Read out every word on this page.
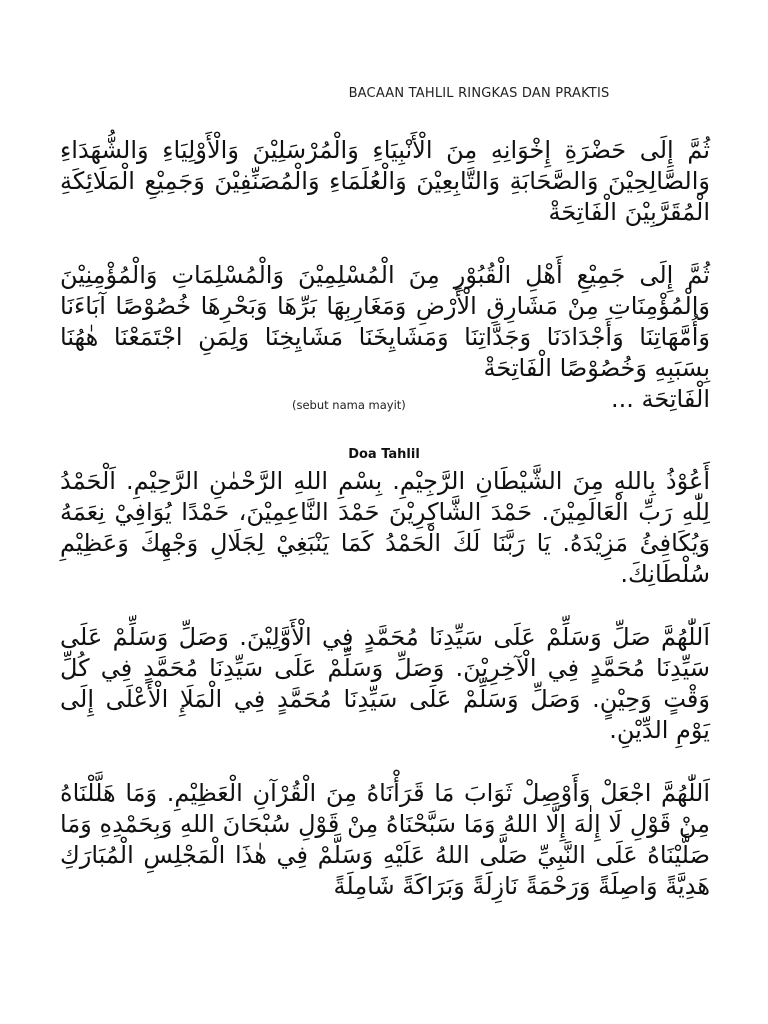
BACAAN TAHLIL RINGKAS DAN PRAKTIS

ثُمَّ إِلَى حَضْرَةِ إِخْوَانِهِ مِنَ الْأَنْبِيَاءِ وَالْمُرْسَلِيْنَ وَالْأَوْلِيَاءِ وَالشُّهَدَاءِ وَالصَّالِحِيْنَ وَالصَّحَابَةِ وَالتَّابِعِيْنَ وَالْعُلَمَاءِ وَالْمُصَنِّفِيْنَ وَجَمِيْعِ الْمَلَائِكَةِ الْمُقَرَّبِيْنَ الْفَاتِحَةْ

ثُمَّ إِلَى جَمِيْعِ أَهْلِ الْقُبُوْرِ مِنَ الْمُسْلِمِيْنَ وَالْمُسْلِمَاتِ وَالْمُؤْمِنِيْنَ وَالْمُؤْمِنَاتِ مِنْ مَشَارِقِ الْأَرْضِ وَمَغَارِبِهَا بَرِّهَا وَبَحْرِهَا خُصُوْصًا آبَاءَنَا وَأُمَّهَاتِنَا وَأَجْدَادَنَا وَجَدَّاتِنَا وَمَشَايِخَنَا مَشَايِخِنَا وَلِمَنِ اجْتَمَعْنَا هٰهُنَا بِسَبَبِهِ وَخُصُوْصًا الْفَاتِحَةْ

الْفَاتِحَة ...

(sebut nama mayit)
Doa Tahlil

أَعُوْذُ بِاللهِ مِنَ الشَّيْطَانِ الرَّجِيْمِ. بِسْمِ اللهِ الرَّحْمٰنِ الرَّحِيْمِ. اَلْحَمْدُ لِلّٰهِ رَبِّ الْعَالَمِيْنَ. حَمْدَ الشَّاكِرِيْنَ حَمْدَ النَّاعِمِيْنَ، حَمْدًا يُوَافِيْ نِعَمَهُ وَيُكَافِئُ مَزِيْدَهُ. يَا رَبَّنَا لَكَ الْحَمْدُ كَمَا يَنْبَغِيْ لِجَلَالِ وَجْهِكَ وَعَظِيْمِ سُلْطَانِكَ.

اَللّٰهُمَّ صَلِّ وَسَلِّمْ عَلَى سَيِّدِنَا مُحَمَّدٍ فِي الْأَوَّلِيْنَ. وَصَلِّ وَسَلِّمْ عَلَى سَيِّدِنَا مُحَمَّدٍ فِي الْآخِرِيْنَ. وَصَلِّ وَسَلِّمْ عَلَى سَيِّدِنَا مُحَمَّدٍ فِي كُلِّ وَقْتٍ وَحِيْنٍ. وَصَلِّ وَسَلِّمْ عَلَى سَيِّدِنَا مُحَمَّدٍ فِي الْمَلَإِ الْأَعْلَى إِلَى يَوْمِ الدِّيْنِ.

اَللّٰهُمَّ اجْعَلْ وَأَوْصِلْ ثَوَابَ مَا قَرَأْنَاهُ مِنَ الْقُرْآنِ الْعَظِيْمِ. وَمَا هَلَّلْنَاهُ مِنْ قَوْلِ لَا إِلٰهَ إِلَّا اللهُ وَمَا سَبَّحْنَاهُ مِنْ قَوْلِ سُبْحَانَ اللهِ وَبِحَمْدِهِ وَمَا صَلَّيْنَاهُ عَلَى النَّبِيِّ صَلَّى اللهُ عَلَيْهِ وَسَلَّمْ فِي هٰذَا الْمَجْلِسِ الْمُبَارَكِ هَدِيَّةً وَاصِلَةً وَرَحْمَةً نَازِلَةً وَبَرَاكَةً شَامِلَةً
